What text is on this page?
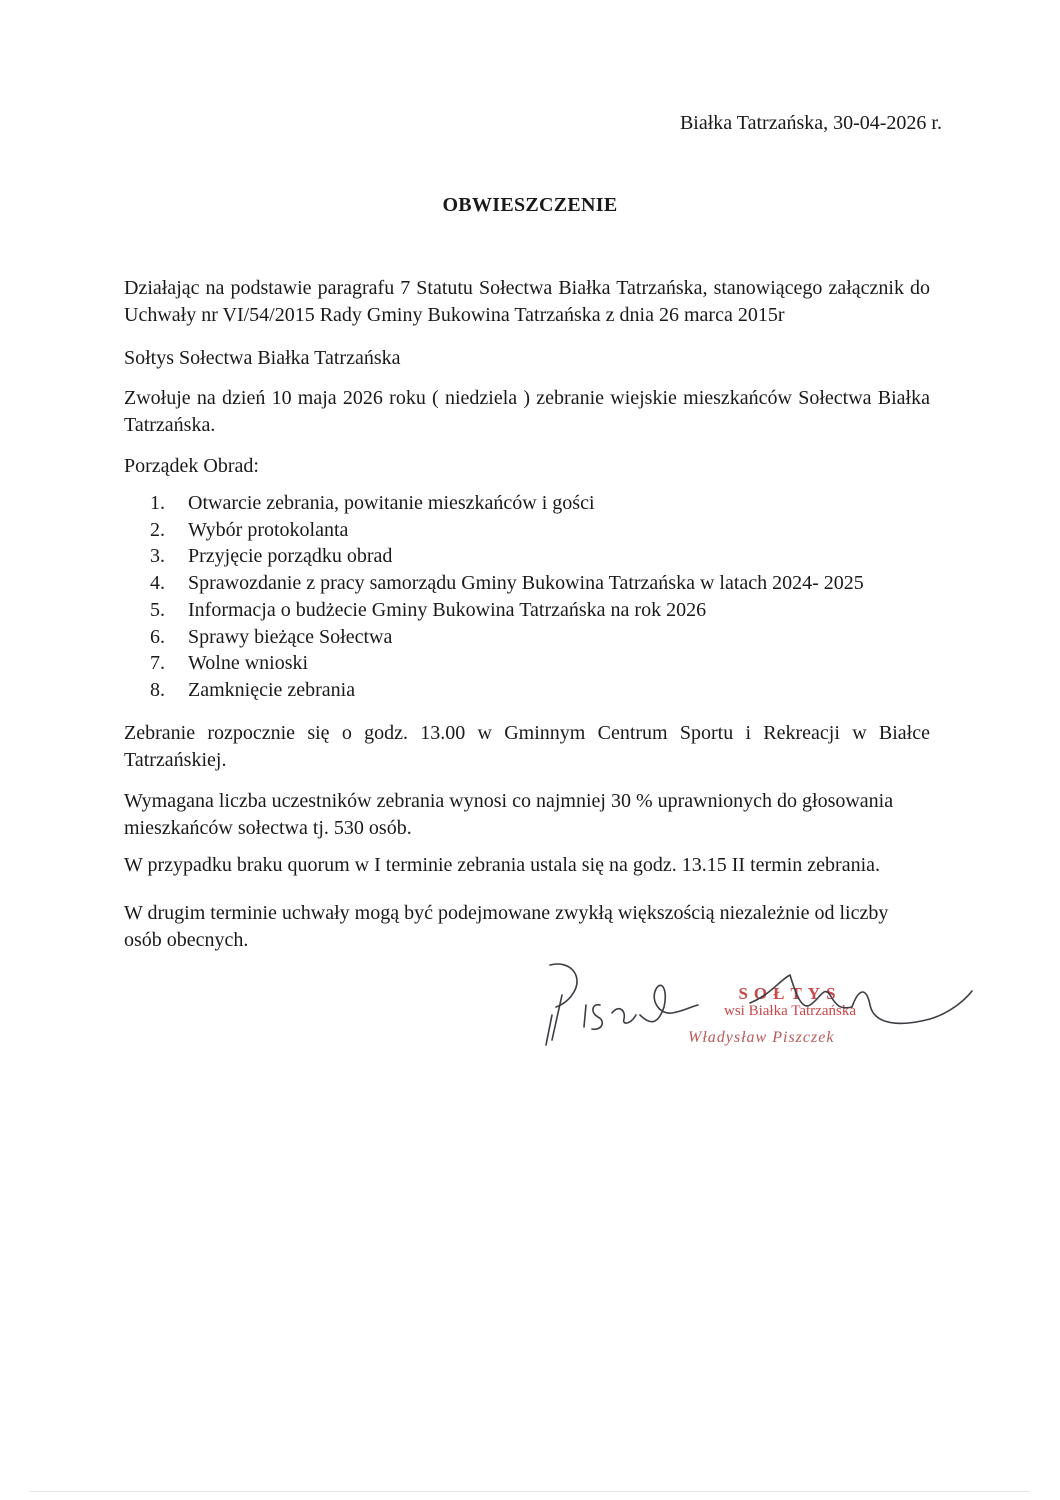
Białka Tatrzańska, 30-04-2026 r.
OBWIESZCZENIE
Działając na podstawie paragrafu 7 Statutu Sołectwa Białka Tatrzańska, stanowiącego załącznik do Uchwały nr VI/54/2015 Rady Gminy Bukowina Tatrzańska z dnia 26 marca 2015r
Sołtys Sołectwa Białka Tatrzańska
Zwołuje na dzień 10 maja 2026 roku ( niedziela ) zebranie wiejskie mieszkańców Sołectwa Białka Tatrzańska.
Porządek Obrad:
1.	Otwarcie zebrania, powitanie mieszkańców i gości
2.	Wybór protokolanta
3.	Przyjęcie porządku obrad
4.	Sprawozdanie z pracy samorządu Gminy Bukowina Tatrzańska w latach 2024- 2025
5.	Informacja o budżecie Gminy Bukowina Tatrzańska na rok 2026
6.	Sprawy bieżące Sołectwa
7.	Wolne wnioski
8.	Zamknięcie zebrania
Zebranie rozpocznie się o godz. 13.00 w Gminnym Centrum Sportu i Rekreacji w Białce Tatrzańskiej.
Wymagana liczba uczestników zebrania wynosi co najmniej 30 % uprawnionych do głosowania mieszkańców sołectwa tj. 530 osób.
W przypadku braku quorum w I terminie zebrania ustala się na godz. 13.15 II termin zebrania.
W drugim terminie uchwały mogą być podejmowane zwykłą większością niezależnie od liczby osób obecnych.
SOŁTYS
wsi Białka Tatrzańska
Władysław Piszczek
